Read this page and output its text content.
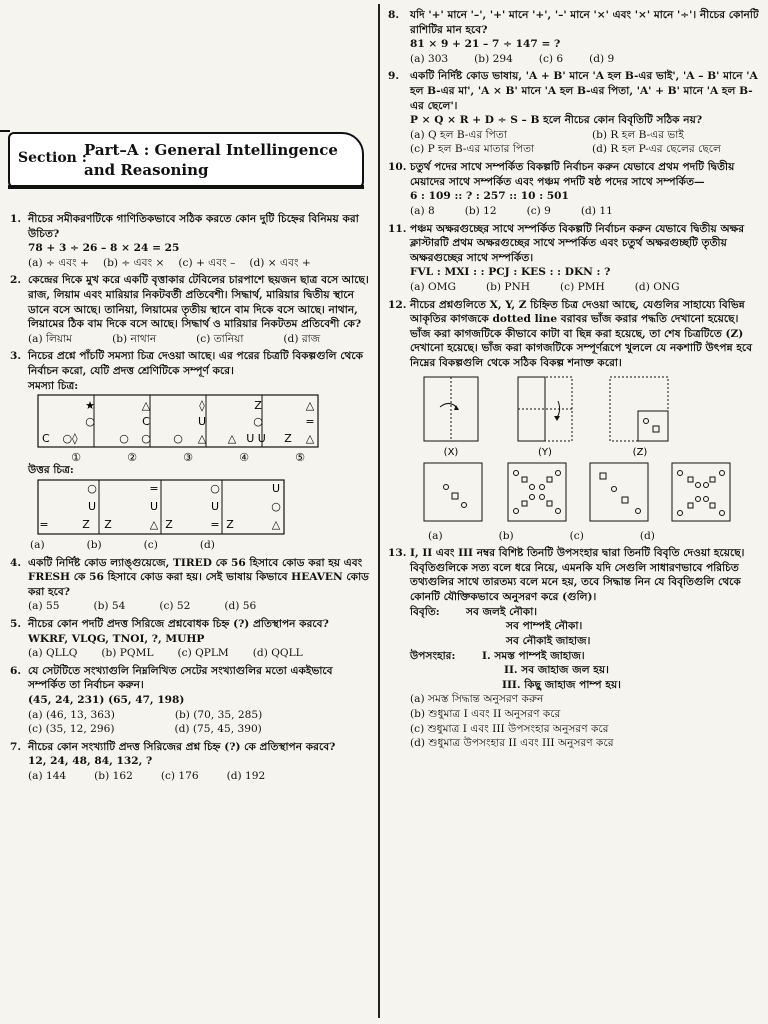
Section :
Part–A : General Intellingence and Reasoning
1. নীচের সমীকরণটিকে গাণিতিকভাবে সঠিক করতে কোন দুটি চিহ্নের বিনিময় করা উচিত?
78 + 3 ÷ 26 – 8 × 24 = 25
(a) ÷ এবং + (b) ÷ এবং × (c) + এবং – (d) × এবং +
2. কেন্দ্রের দিকে মুখ করে একটি বৃত্তাকার টেবিলের চারপাশে ছয়জন ছাত্র বসে আছে। রাজ, লিয়াম এবং মারিয়ার নিকটবর্তী প্রতিবেশী। সিদ্ধার্থ, মারিয়ার দ্বিতীয় স্থানে ডানে বসে আছে। তানিয়া, লিয়ামের তৃতীয় স্থানে বাম দিকে বসে আছে। নাথান, লিয়ামের ঠিক বাম দিকে বসে আছে। সিদ্ধার্থ ও মারিয়ার নিকটতম প্রতিবেশী কে?
(a) লিয়াম	(b) নাথান	(c) তানিয়া	(d) রাজ
3. নিচের প্রশ্নে পাঁচটি সমস্যা চিত্র দেওয়া আছে। এর পরের চিত্রটি বিকল্পগুলি থেকে নির্বাচন করো, যেটি প্রদত্ত শ্রেণিটিকে সম্পূর্ণ করে।
সমস্যা চিত্র:
★
○
C ○◊
△
C
○ ○
◊
U
○ △
Z
○
△ U U
△
=
Z △
①	②	③	④	⑤
উত্তর চিত্র:
○
U
=	Z
=
U
Z	△
○
U
Z	=
U
○
Z	△
(a)	(b)	(c)	(d)
4. একটি নির্দিষ্ট কোড ল্যাঙ্গুয়েজে, TIRED কে 56 হিসাবে কোড করা হয় এবং FRESH কে 56 হিসাবে কোড করা হয়। সেই ভাষায় কিভাবে HEAVEN কোড করা হবে?
(a) 55	(b) 54	(c) 52	(d) 56
5. নীচের কোন পদটি প্রদত্ত সিরিজে প্রশ্নবোধক চিহ্ন (?) প্রতিস্থাপন করবে?
WKRF, VLQG, TNOI, ?, MUHP
(a) QLLQ (b) PQML (c) QPLM (d) QQLL
6. যে সেটটিতে সংখ্যাগুলি নিম্নলিখিত সেটের সংখ্যাগুলির মতো একইভাবে সম্পর্কিত তা নির্বাচন করুন।
(45, 24, 231) (65, 47, 198)
(a) (46, 13, 363)	(b) (70, 35, 285)
(c) (35, 12, 296)	(d) (75, 45, 390)
7. নীচের কোন সংখ্যাটি প্রদত্ত সিরিজের প্রশ্ন চিহ্ন (?) কে প্রতিস্থাপন করবে?
12, 24, 48, 84, 132, ?
(a) 144	(b) 162	(c) 176	(d) 192
8. যদি '+' মানে '–', '+' মানে '+', '–' মানে '×' এবং '×' মানে '÷'। নীচের কোনটি রাশিটির মান হবে?
81 × 9 + 21 – 7 ÷ 147 = ?
(a) 303 (b) 294 (c) 6 (d) 9
9. একটি নির্দিষ্ট কোড ভাষায়, 'A + B' মানে 'A হল B-এর ভাই', 'A – B' মানে 'A হল B-এর মা', 'A × B' মানে 'A হল B-এর পিতা, 'A' + B' মানে 'A হল B-এর ছেলে'।
P × Q × R + D ÷ S – B হলে নীচের কোন বিবৃতিটি সঠিক নয়?
(a) Q হল B-এর পিতা	(b) R হল B-এর ভাই
(c) P হল B-এর মাতার পিতা	(d) R হল P-এর ছেলের ছেলে
10. চতুর্থ পদের সাথে সম্পর্কিত বিকল্পটি নির্বাচন করুন যেভাবে প্রথম পদটি দ্বিতীয় মেয়াদের সাথে সম্পর্কিত এবং পঞ্চম পদটি ষষ্ঠ পদের সাথে সম্পর্কিত—
6 : 109 :: ? : 257 :: 10 : 501
(a) 8	(b) 12	(c) 9	(d) 11
11. পঞ্চম অক্ষরগুচ্ছের সাথে সম্পর্কিত বিকল্পটি নির্বাচন করুন যেভাবে দ্বিতীয় অক্ষর ক্লাস্টারটি প্রথম অক্ষরগুচ্ছের সাথে সম্পর্কিত এবং চতুর্থ অক্ষরগুচ্ছটি তৃতীয় অক্ষরগুচ্ছের সাথে সম্পর্কিত।
FVL : MXI : : PCJ : KES : : DKN : ?
(a) OMG	(b) PNH	(c) PMH	(d) ONG
12. নীচের প্রশ্নগুলিতে X, Y, Z চিহ্নিত চিত্র দেওয়া আছে, যেগুলির সাহায্যে বিভিন্ন আকৃতির কাগজকে dotted line বরাবর ভাঁজ করার পদ্ধতি দেখানো হয়েছে। ভাঁজ করা কাগজটিকে কীভাবে কাটা বা ছিন্ন করা হয়েছে, তা শেষ চিত্রটিতে (Z) দেখানো হয়েছে। ভাঁজ করা কাগজটিকে সম্পূর্ণরূপে খুললে যে নকশাটি উৎপন্ন হবে নিম্নের বিকল্পগুলি থেকে সঠিক বিকল্প শনাক্ত করো।
(X)	(Y)	(Z)
(a)	(b)	(c)	(d)
13. I, II এবং III নম্বর বিশিষ্ট তিনটি উপসংহার দ্বারা তিনটি বিবৃতি দেওয়া হয়েছে। বিবৃতিগুলিকে সত্য বলে ধরে নিয়ে, এমনকি যদি সেগুলি সাধারণভাবে পরিচিত তথ্যগুলির সাথে তারতম্য বলে মনে হয়, তবে সিদ্ধান্ত নিন যে বিবৃতিগুলি থেকে কোনটি যৌক্তিকভাবে অনুসরণ করে (গুলি)।
বিবৃতি:	সব জলই নৌকা।
সব পাম্পই নৌকা।
সব নৌকাই জাহাজ।
উপসংহার:	I. সমস্ত পাম্পই জাহাজ।
II. সব জাহাজ জল হয়।
III. কিছু জাহাজ পাম্প হয়।
(a) সমস্ত সিদ্ধান্ত অনুসরণ করুন
(b) শুধুমাত্র I এবং II অনুসরণ করে
(c) শুধুমাত্র I এবং III উপসংহার অনুসরণ করে
(d) শুধুমাত্র উপসংহার II এবং III অনুসরণ করে
